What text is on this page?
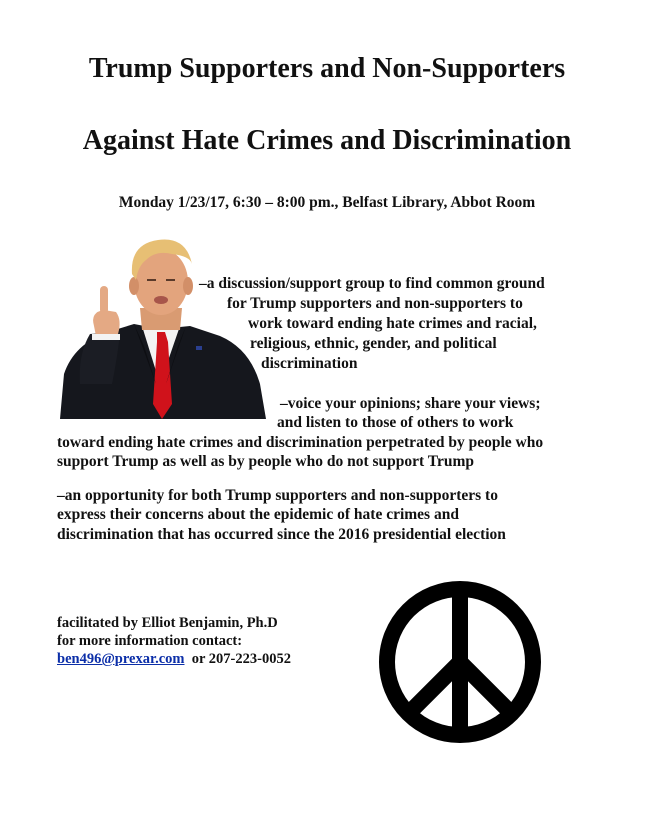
Trump Supporters and Non-Supporters
Against Hate Crimes and Discrimination
Monday 1/23/17, 6:30 – 8:00 pm., Belfast Library, Abbot Room
–a discussion/support group to find common ground
for Trump supporters and non-supporters to
work toward ending hate crimes and racial,
religious, ethnic, gender, and political
discrimination
–voice your opinions; share your views;
and listen to those of others to work
toward ending hate crimes and discrimination perpetrated by people who
support Trump as well as by people who do not support Trump
–an opportunity for both Trump supporters and non-supporters to
express their concerns about the epidemic of hate crimes and
discrimination that has occurred since the 2016 presidential election
facilitated by Elliot Benjamin, Ph.D
for more information contact:
ben496@prexar.com or 207-223-0052
